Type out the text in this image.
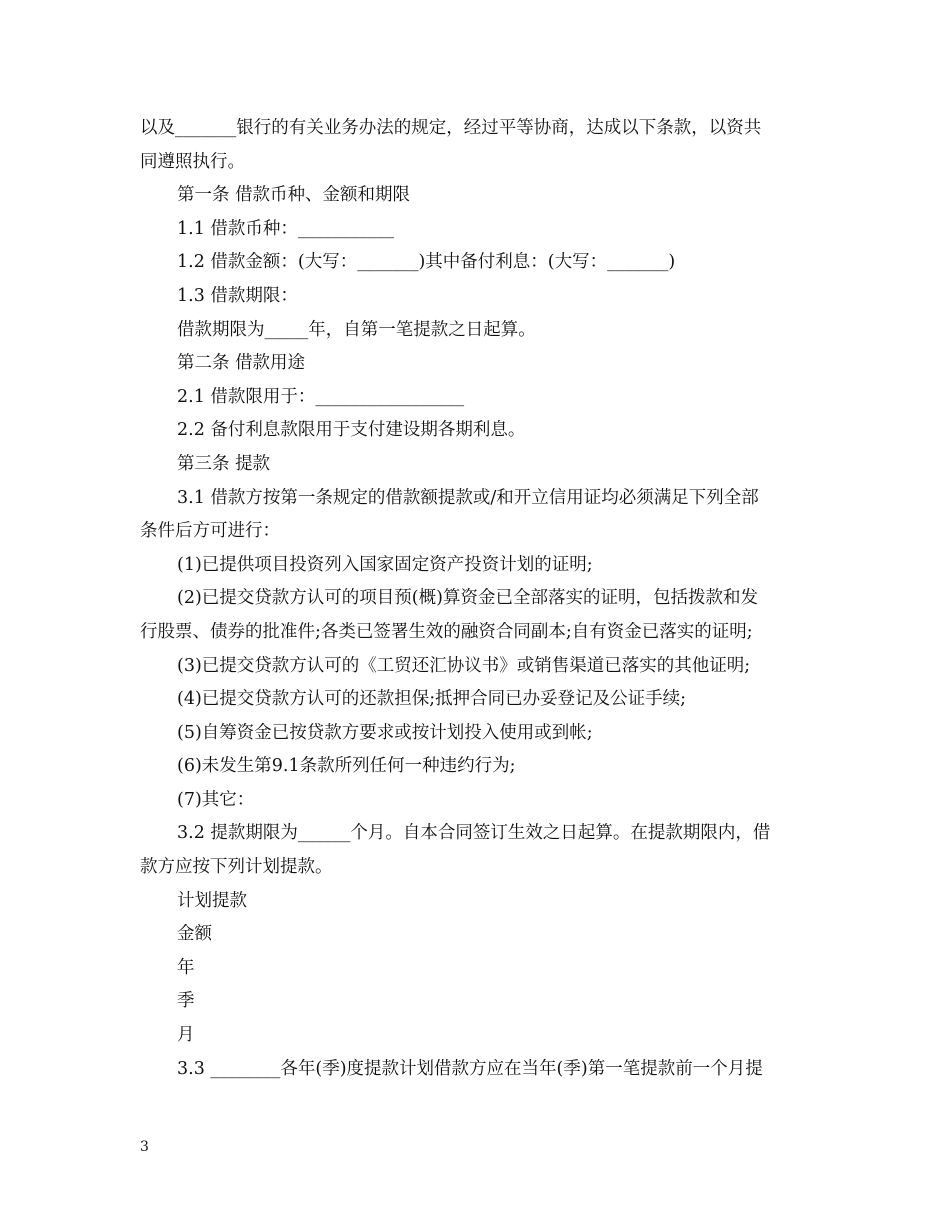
以及_______银行的有关业务办法的规定，经过平等协商，达成以下条款，以资共
同遵照执行。
第一条 借款币种、金额和期限
1.1 借款币种：___________
1.2 借款金额：(大写：_______)其中备付利息：(大写：_______)
1.3 借款期限：
借款期限为_____年，自第一笔提款之日起算。
第二条 借款用途
2.1 借款限用于：_________________
2.2 备付利息款限用于支付建设期各期利息。
第三条 提款
3.1 借款方按第一条规定的借款额提款或/和开立信用证均必须满足下列全部
条件后方可进行：
(1)已提供项目投资列入国家固定资产投资计划的证明;
(2)已提交贷款方认可的项目预(概)算资金已全部落实的证明，包括拨款和发
行股票、债券的批准件;各类已签署生效的融资合同副本;自有资金已落实的证明;
(3)已提交贷款方认可的《工贸还汇协议书》或销售渠道已落实的其他证明;
(4)已提交贷款方认可的还款担保;抵押合同已办妥登记及公证手续;
(5)自筹资金已按贷款方要求或按计划投入使用或到帐;
(6)未发生第9.1条款所列任何一种违约行为;
(7)其它：
3.2 提款期限为______个月。自本合同签订生效之日起算。在提款期限内，借
款方应按下列计划提款。
计划提款
金额
年
季
月
3.3 ________各年(季)度提款计划借款方应在当年(季)第一笔提款前一个月提
3
